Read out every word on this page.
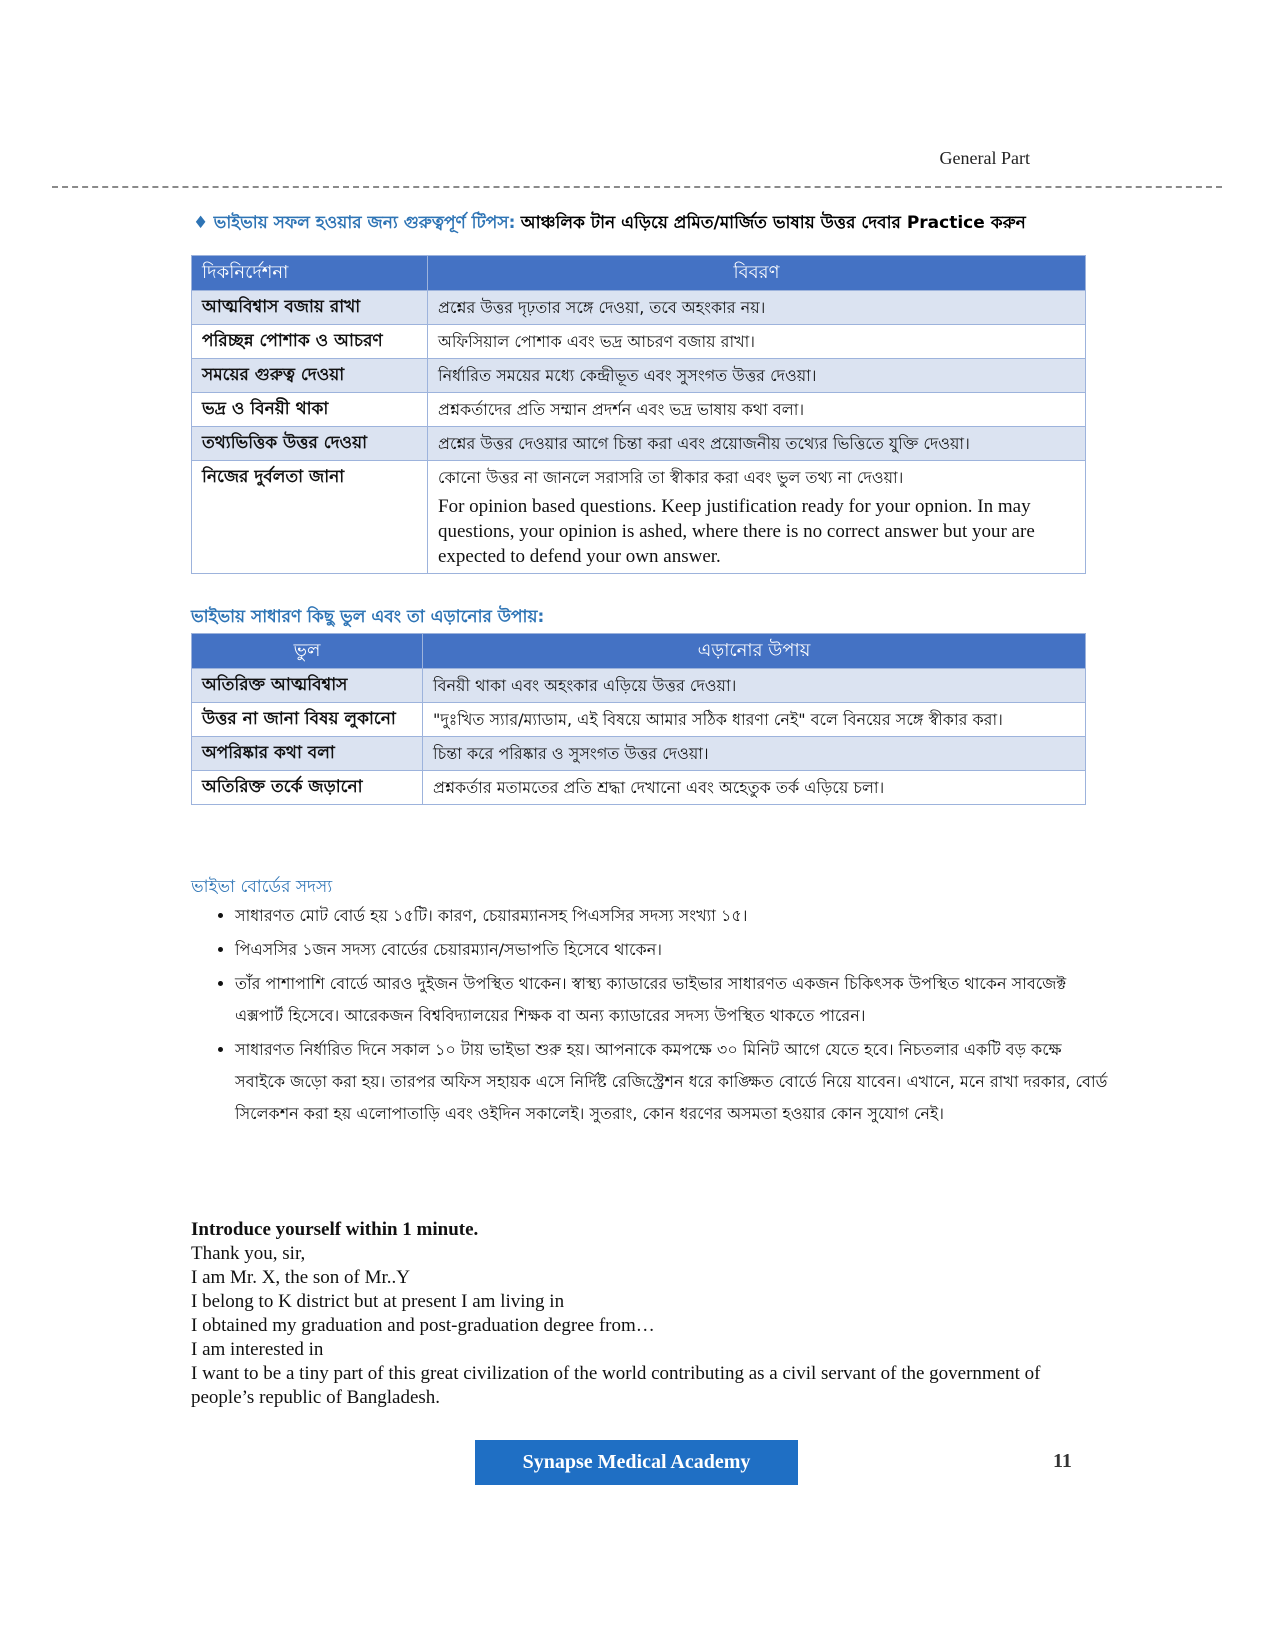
General Part
♦ ভাইভায় সফল হওয়ার জন্য গুরুত্বপূর্ণ টিপস: আঞ্চলিক টান এড়িয়ে প্রমিত/মার্জিত ভাষায় উত্তর দেবার Practice করুন
দিকনির্দেশনা	বিবরণ
আত্মবিশ্বাস বজায় রাখা	প্রশ্নের উত্তর দৃঢ়তার সঙ্গে দেওয়া, তবে অহংকার নয়।
পরিচ্ছন্ন পোশাক ও আচরণ	অফিসিয়াল পোশাক এবং ভদ্র আচরণ বজায় রাখা।
সময়ের গুরুত্ব দেওয়া	নির্ধারিত সময়ের মধ্যে কেন্দ্রীভূত এবং সুসংগত উত্তর দেওয়া।
ভদ্র ও বিনয়ী থাকা	প্রশ্নকর্তাদের প্রতি সম্মান প্রদর্শন এবং ভদ্র ভাষায় কথা বলা।
তথ্যভিত্তিক উত্তর দেওয়া	প্রশ্নের উত্তর দেওয়ার আগে চিন্তা করা এবং প্রয়োজনীয় তথ্যের ভিত্তিতে যুক্তি দেওয়া।
নিজের দুর্বলতা জানা	কোনো উত্তর না জানলে সরাসরি তা স্বীকার করা এবং ভুল তথ্য না দেওয়া।
For opinion based questions. Keep justification ready for your opnion. In may questions, your opinion is ashed, where there is no correct answer but your are expected to defend your own answer.
ভাইভায় সাধারণ কিছু ভুল এবং তা এড়ানোর উপায়:
ভুল	এড়ানোর উপায়
অতিরিক্ত আত্মবিশ্বাস	বিনয়ী থাকা এবং অহংকার এড়িয়ে উত্তর দেওয়া।
উত্তর না জানা বিষয় লুকানো	"দুঃখিত স্যার/ম্যাডাম, এই বিষয়ে আমার সঠিক ধারণা নেই" বলে বিনয়ের সঙ্গে স্বীকার করা।
অপরিষ্কার কথা বলা	চিন্তা করে পরিষ্কার ও সুসংগত উত্তর দেওয়া।
অতিরিক্ত তর্কে জড়ানো	প্রশ্নকর্তার মতামতের প্রতি শ্রদ্ধা দেখানো এবং অহেতুক তর্ক এড়িয়ে চলা।
ভাইভা বোর্ডের সদস্য
• সাধারণত মোট বোর্ড হয় ১৫টি। কারণ, চেয়ারম্যানসহ পিএসসির সদস্য সংখ্যা ১৫।
• পিএসসির ১জন সদস্য বোর্ডের চেয়ারম্যান/সভাপতি হিসেবে থাকেন।
• তাঁর পাশাপাশি বোর্ডে আরও দুইজন উপস্থিত থাকেন। স্বাস্থ্য ক্যাডারের ভাইভার সাধারণত একজন চিকিৎসক উপস্থিত থাকেন সাবজেক্ট এক্সপার্ট হিসেবে। আরেকজন বিশ্ববিদ্যালয়ের শিক্ষক বা অন্য ক্যাডারের সদস্য উপস্থিত থাকতে পারেন।
• সাধারণত নির্ধারিত দিনে সকাল ১০ টায় ভাইভা শুরু হয়। আপনাকে কমপক্ষে ৩০ মিনিট আগে যেতে হবে। নিচতলার একটি বড় কক্ষে সবাইকে জড়ো করা হয়। তারপর অফিস সহায়ক এসে নির্দিষ্ট রেজিস্ট্রেশন ধরে কাঙ্ক্ষিত বোর্ডে নিয়ে যাবেন। এখানে, মনে রাখা দরকার, বোর্ড সিলেকশন করা হয় এলোপাতাড়ি এবং ওইদিন সকালেই। সুতরাং, কোন ধরণের অসমতা হওয়ার কোন সুযোগ নেই।

Introduce yourself within 1 minute.

Thank you, sir,

I am Mr. X, the son of Mr..Y

I belong to K district but at present I am living in

I obtained my graduation and post-graduation degree from…

I am interested in

I want to be a tiny part of this great civilization of the world contributing as a civil servant of the government of people’s republic of Bangladesh.

Synapse Medical Academy	11
